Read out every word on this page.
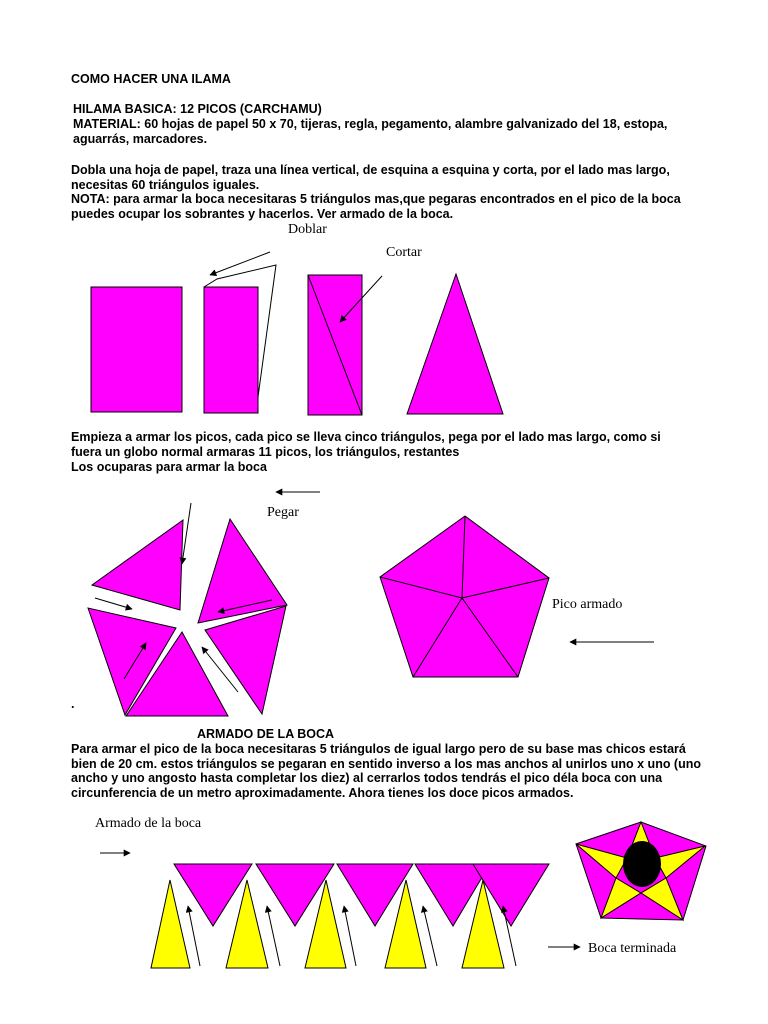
COMO HACER UNA ILAMA

HILAMA BASICA: 12 PICOS (CARCHAMU)

MATERIAL: 60 hojas de papel 50 x 70, tijeras, regla, pegamento, alambre galvanizado del 18, estopa, aguarrás, marcadores.

Dobla una hoja de papel, traza una línea vertical, de esquina a esquina y corta, por el lado mas largo, necesitas 60 triángulos iguales.

NOTA: para armar la boca necesitaras 5 triángulos mas,que pegaras encontrados en el pico de la boca puedes ocupar los sobrantes y hacerlos. Ver armado de la boca.

Empieza a armar los picos, cada pico se lleva cinco triángulos, pega por el lado mas largo, como si fuera un globo normal armaras 11 picos, los triángulos, restantes

Los ocuparas para armar la boca

.

ARMADO DE LA BOCA

Para armar el pico de la boca necesitaras 5 triángulos de igual largo pero de su base mas chicos estará bien de 20 cm. estos triángulos se pegaran en sentido inverso a los mas anchos al unirlos uno x uno (uno ancho y uno angosto hasta completar los diez) al cerrarlos todos tendrás el pico déla boca con una circunferencia de un metro aproximadamente. Ahora tienes los doce picos armados.

Doblar

Cortar

Pegar

Pico armado

Armado de la boca

Boca terminada
